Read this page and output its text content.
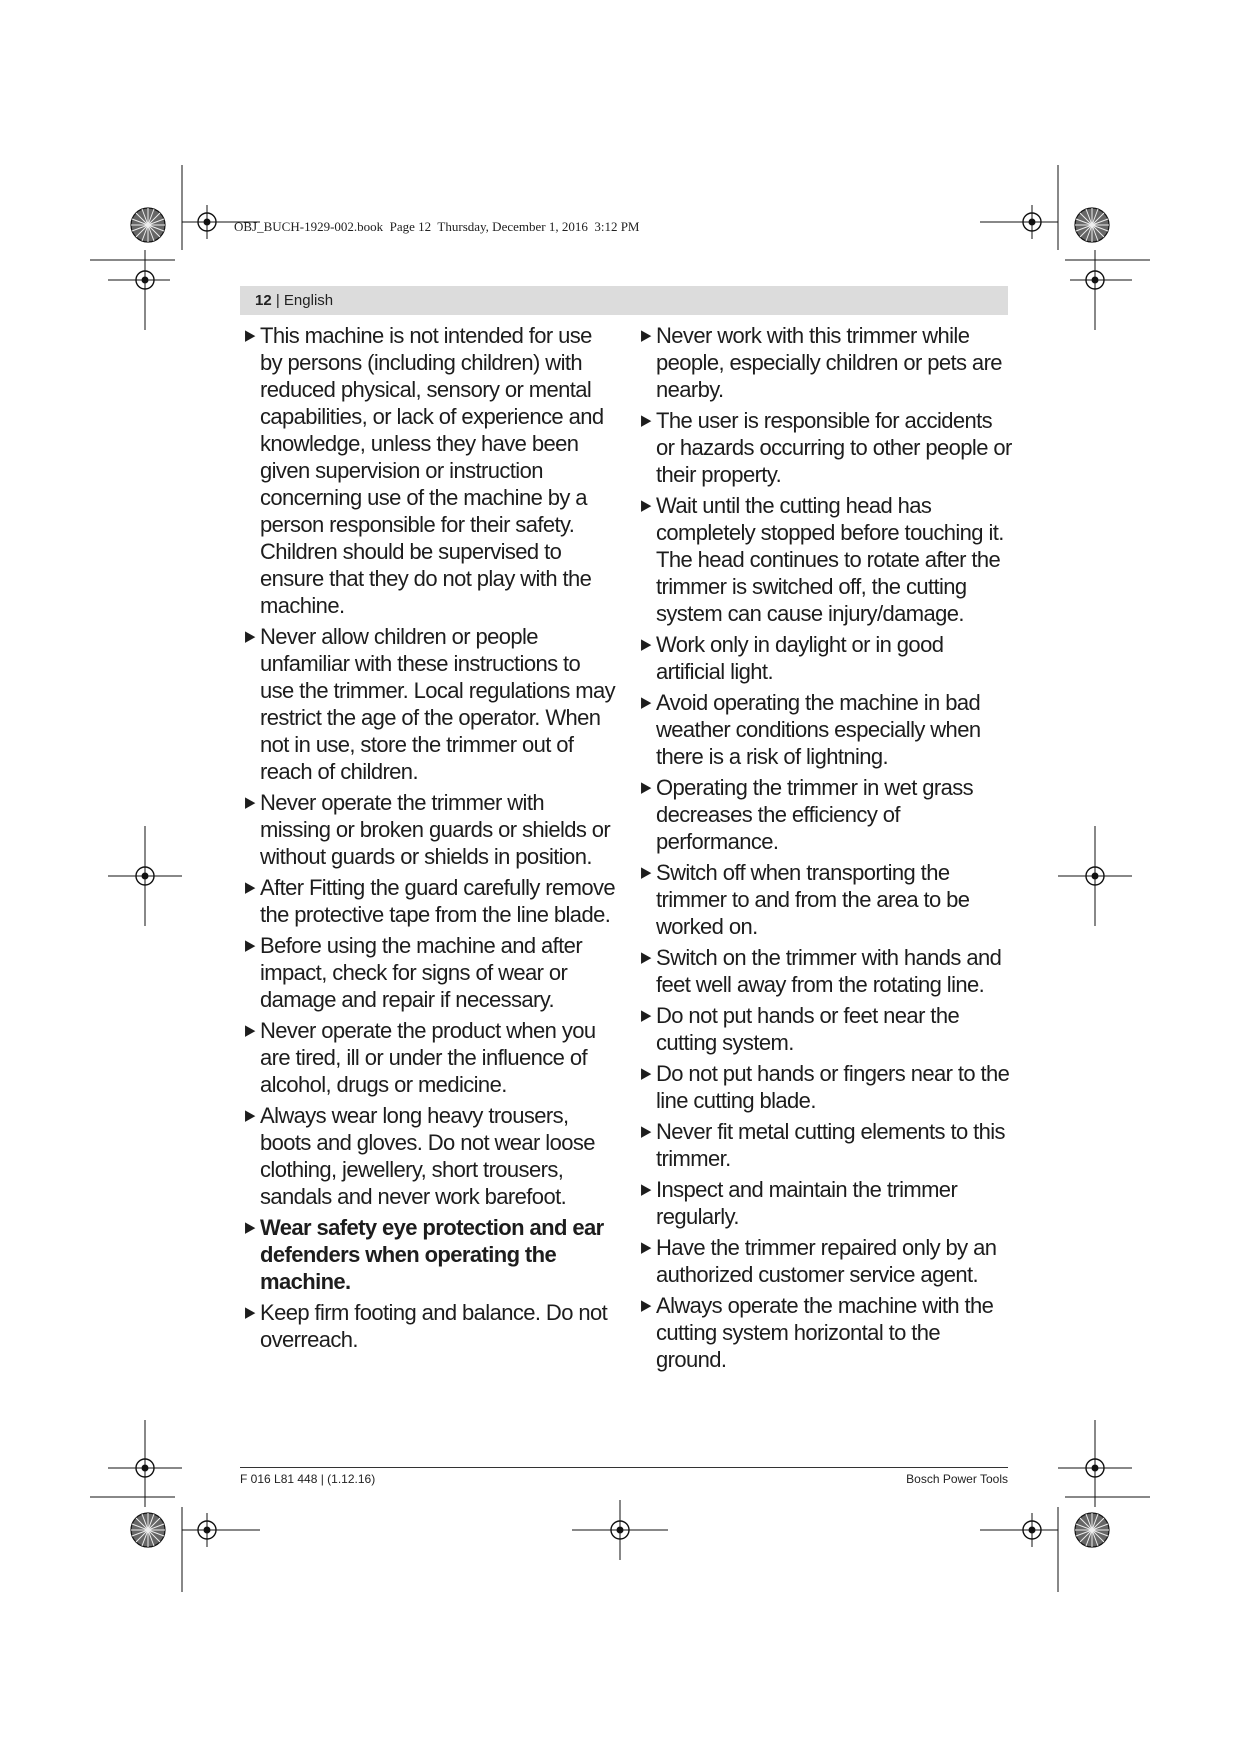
OBJ_BUCH-1929-002.book  Page 12  Thursday, December 1, 2016  3:12 PM
12 | English
▶ This machine is not intended for use by persons (including children) with reduced physical, sensory or mental capabilities, or lack of experience and knowledge, unless they have been given supervision or instruction concerning use of the machine by a person responsible for their safety. Children should be supervised to ensure that they do not play with the machine.
▶ Never allow children or people unfamiliar with these instructions to use the trimmer. Local regulations may restrict the age of the operator. When not in use, store the trimmer out of reach of children.
▶ Never operate the trimmer with missing or broken guards or shields or without guards or shields in position.
▶ After Fitting the guard carefully remove the protective tape from the line blade.
▶ Before using the machine and after impact, check for signs of wear or damage and repair if necessary.
▶ Never operate the product when you are tired, ill or under the influence of alcohol, drugs or medicine.
▶ Always wear long heavy trousers, boots and gloves. Do not wear loose clothing, jewellery, short trousers, sandals and never work barefoot.
▶ Wear safety eye protection and ear defenders when operating the machine.
▶ Keep firm footing and balance. Do not overreach.
▶ Never work with this trimmer while people, especially children or pets are nearby.
▶ The user is responsible for accidents or hazards occurring to other people or their property.
▶ Wait until the cutting head has completely stopped before touching it. The head continues to rotate after the trimmer is switched off, the cutting system can cause injury/damage.
▶ Work only in daylight or in good artificial light.
▶ Avoid operating the machine in bad weather conditions especially when there is a risk of lightning.
▶ Operating the trimmer in wet grass decreases the efficiency of performance.
▶ Switch off when transporting the trimmer to and from the area to be worked on.
▶ Switch on the trimmer with hands and feet well away from the rotating line.
▶ Do not put hands or feet near the cutting system.
▶ Do not put hands or fingers near to the line cutting blade.
▶ Never fit metal cutting elements to this trimmer.
▶ Inspect and maintain the trimmer regularly.
▶ Have the trimmer repaired only by an authorized customer service agent.
▶ Always operate the machine with the cutting system horizontal to the ground.
F 016 L81 448 | (1.12.16)	Bosch Power Tools
